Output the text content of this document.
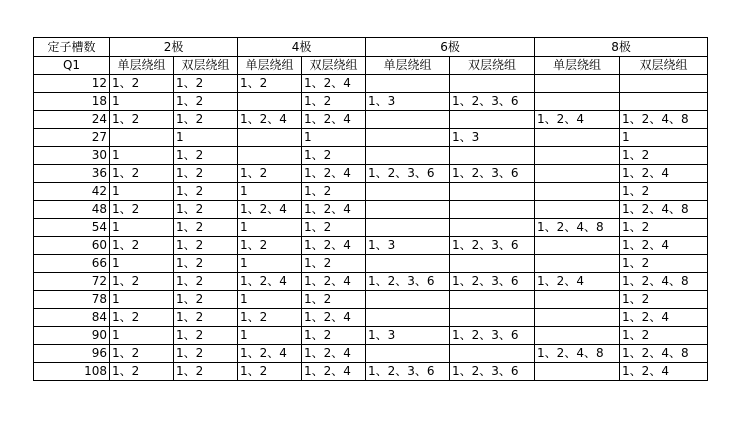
定子槽数	2极		4极		6极		8极	
Q1	单层绕组	双层绕组	单层绕组	双层绕组	单层绕组	双层绕组	单层绕组	双层绕组
12	1、2	1、2	1、2	1、2、4				
18	1	1、2		1、2	1、3	1、2、3、6		
24	1、2	1、2	1、2、4	1、2、4			1、2、4	1、2、4、8
27		1		1		1、3		1
30	1	1、2		1、2				1、2
36	1、2	1、2	1、2	1、2、4	1、2、3、6	1、2、3、6		1、2、4
42	1	1、2	1	1、2				1、2
48	1、2	1、2	1、2、4	1、2、4				1、2、4、8
54	1	1、2	1	1、2			1、2、4、8	1、2
60	1、2	1、2	1、2	1、2、4	1、3	1、2、3、6		1、2、4
66	1	1、2	1	1、2				1、2
72	1、2	1、2	1、2、4	1、2、4	1、2、3、6	1、2、3、6	1、2、4	1、2、4、8
78	1	1、2	1	1、2				1、2
84	1、2	1、2	1、2	1、2、4				1、2、4
90	1	1、2	1	1、2	1、3	1、2、3、6		1、2
96	1、2	1、2	1、2、4	1、2、4			1、2、4、8	1、2、4、8
108	1、2	1、2	1、2	1、2、4	1、2、3、6	1、2、3、6		1、2、4
